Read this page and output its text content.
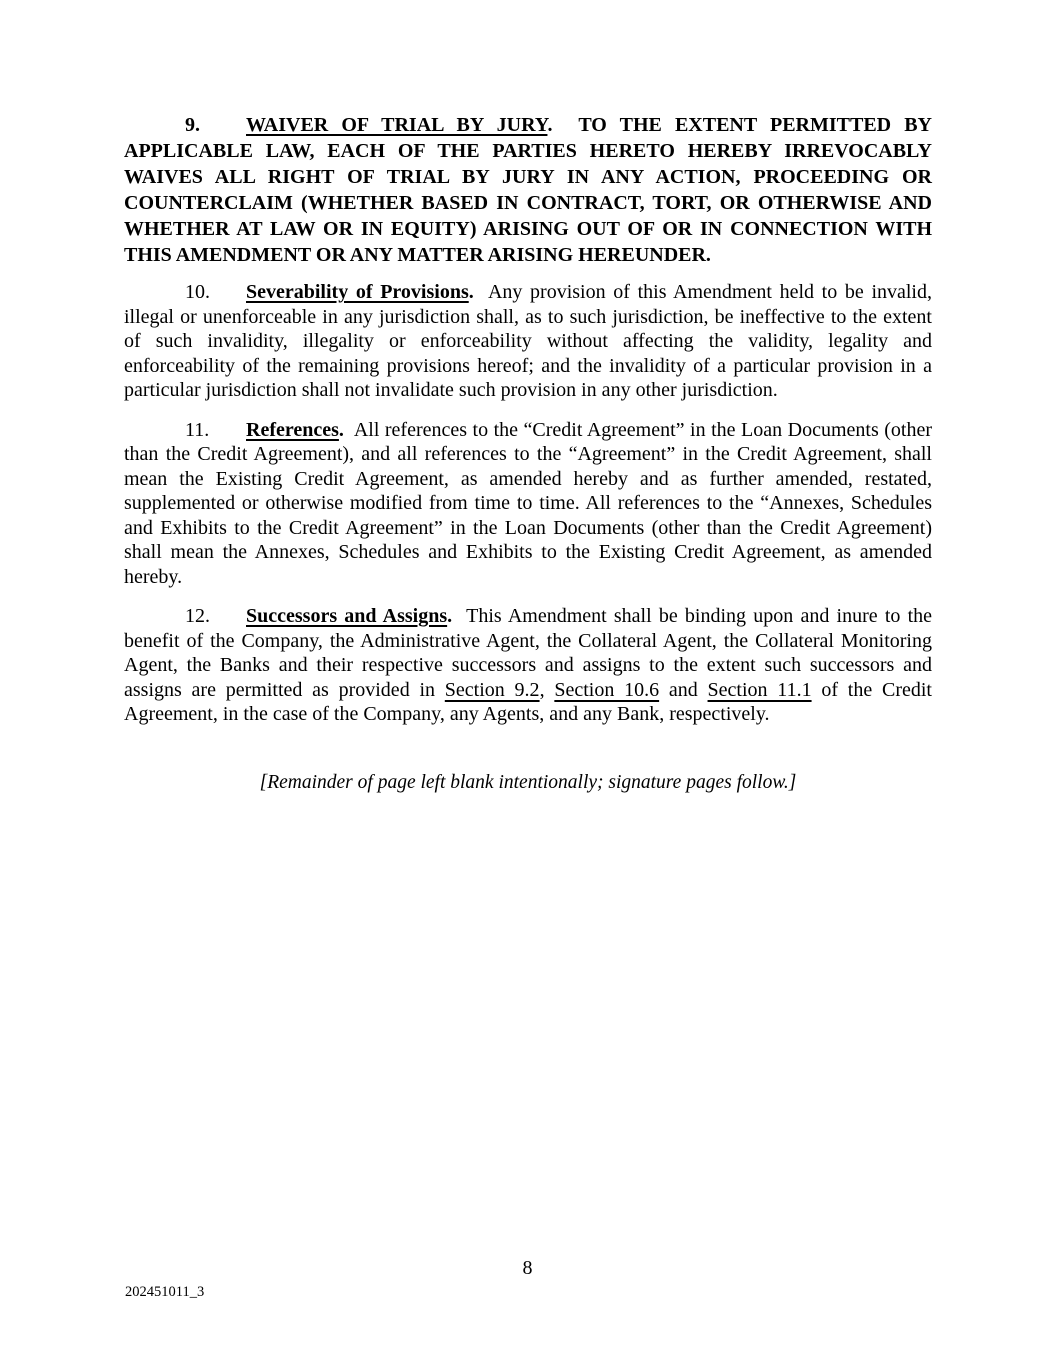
9. WAIVER OF TRIAL BY JURY.  TO THE EXTENT PERMITTED BY APPLICABLE LAW, EACH OF THE PARTIES HERETO HEREBY IRREVOCABLY WAIVES ALL RIGHT OF TRIAL BY JURY IN ANY ACTION, PROCEEDING OR COUNTERCLAIM (WHETHER BASED IN CONTRACT, TORT, OR OTHERWISE AND WHETHER AT LAW OR IN EQUITY) ARISING OUT OF OR IN CONNECTION WITH THIS AMENDMENT OR ANY MATTER ARISING HEREUNDER.

10. Severability of Provisions.  Any provision of this Amendment held to be invalid, illegal or unenforceable in any jurisdiction shall, as to such jurisdiction, be ineffective to the extent of such invalidity, illegality or enforceability without affecting the validity, legality and enforceability of the remaining provisions hereof; and the invalidity of a particular provision in a particular jurisdiction shall not invalidate such provision in any other jurisdiction.

11. References.  All references to the “Credit Agreement” in the Loan Documents (other than the Credit Agreement), and all references to the “Agreement” in the Credit Agreement, shall mean the Existing Credit Agreement, as amended hereby and as further amended, restated, supplemented or otherwise modified from time to time. All references to the “Annexes, Schedules and Exhibits to the Credit Agreement” in the Loan Documents (other than the Credit Agreement) shall mean the Annexes, Schedules and Exhibits to the Existing Credit Agreement, as amended hereby.

12. Successors and Assigns.  This Amendment shall be binding upon and inure to the benefit of the Company, the Administrative Agent, the Collateral Agent, the Collateral Monitoring Agent, the Banks and their respective successors and assigns to the extent such successors and assigns are permitted as provided in Section 9.2, Section 10.6 and Section 11.1 of the Credit Agreement, in the case of the Company, any Agents, and any Bank, respectively.

[Remainder of page left blank intentionally; signature pages follow.]
8
202451011_3
